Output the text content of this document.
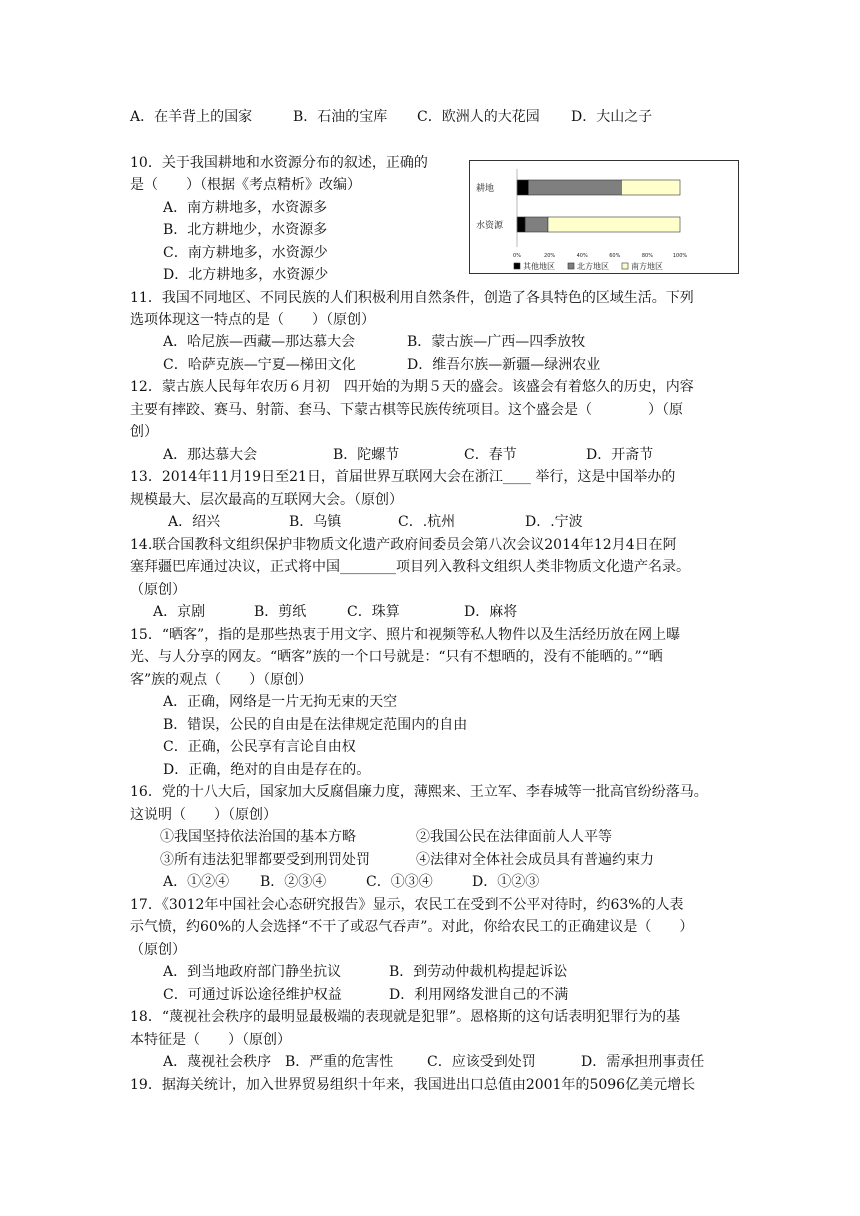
A．在羊背上的国家	B．石油的宝库 C．欧洲人的大花园 D．大山之子
10．关于我国耕地和水资源分布的叙述，正确的
是（　　）（根据《考点精析》改编）
A．南方耕地多，水资源多
B．北方耕地少，水资源多
C．南方耕地多，水资源少
D．北方耕地多，水资源少
耕地
水资源
0%	20%	40%	60%	80%	100%
其他地区	北方地区	南方地区
11．我国不同地区、不同民族的人们积极利用自然条件，创造了各具特色的区域生活。下列
选项体现这一特点的是（　　）（原创）
A．哈尼族—西藏—那达慕大会	B．蒙古族—广西—四季放牧
C．哈萨克族—宁夏—梯田文化	D．维吾尔族—新疆—绿洲农业
12．蒙古族人民每年农历６月初　四开始的为期５天的盛会。该盛会有着悠久的历史，内容
主要有摔跤、赛马、射箭、套马、下蒙古棋等民族传统项目。这个盛会是（　　　　）（原
创）
A．那达慕大会	B．陀螺节	C．春节	D．开斋节
13．2014年11月19日至21日，首届世界互联网大会在浙江____ 举行，这是中国举办的
规模最大、层次最高的互联网大会。（原创）
A．绍兴	B．乌镇	C．.杭州	D．.宁波
14.联合国教科文组织保护非物质文化遗产政府间委员会第八次会议2014年12月4日在阿
塞拜疆巴库通过决议，正式将中国________项目列入教科文组织人类非物质文化遗产名录。
（原创）
A．京剧	B．剪纸	C．珠算	D．麻将
15．“晒客”，指的是那些热衷于用文字、照片和视频等私人物件以及生活经历放在网上曝
光、与人分享的网友。“晒客”族的一个口号就是：“只有不想晒的，没有不能晒的。”“晒
客”族的观点（　　）（原创）
A．正确，网络是一片无拘无束的天空
B．错误，公民的自由是在法律规定范围内的自由
C．正确，公民享有言论自由权
D．正确，绝对的自由是存在的。
16．党的十八大后，国家加大反腐倡廉力度，薄熙来、王立军、李春城等一批高官纷纷落马。
这说明（　　）（原创）
①我国坚持依法治国的基本方略	②我国公民在法律面前人人平等
③所有违法犯罪都要受到刑罚处罚	④法律对全体社会成员具有普遍约束力
A．①②④ B．②③④	C．①③④	D．①②③
17．《3012年中国社会心态研究报告》显示，农民工在受到不公平对待时，约63%的人表
示气愤，约60%的人会选择“不干了或忍气吞声”。对此，你给农民工的正确建议是（　　）
（原创）
A．到当地政府部门静坐抗议	B．到劳动仲裁机构提起诉讼
C．可通过诉讼途径维护权益	D．利用网络发泄自己的不满
18．“蔑视社会秩序的最明显最极端的表现就是犯罪”。恩格斯的这句话表明犯罪行为的基
本特征是（　　）（原创）
A．蔑视社会秩序 B．严重的危害性 C．应该受到处罚	D．需承担刑事责任
19．据海关统计，加入世界贸易组织十年来，我国进出口总值由2001年的5096亿美元增长
